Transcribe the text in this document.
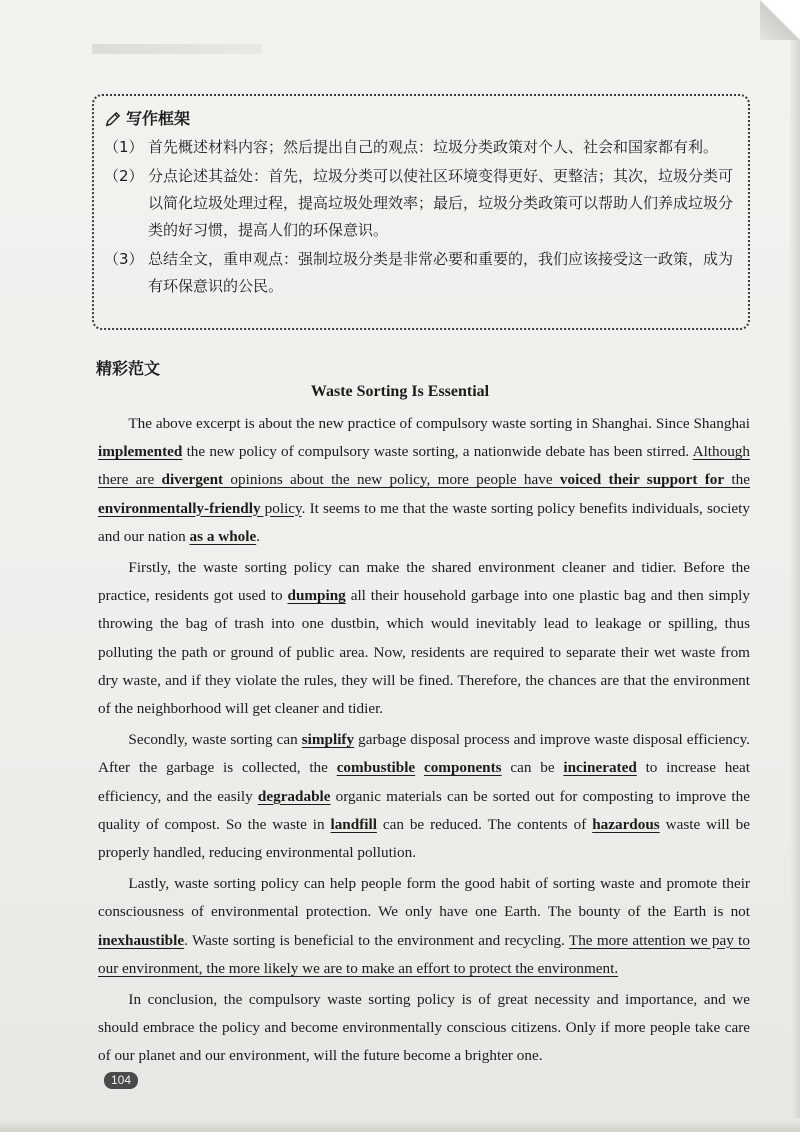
写作框架
（1） 首先概述材料内容；然后提出自己的观点：垃圾分类政策对个人、社会和国家都有利。
（2） 分点论述其益处：首先，垃圾分类可以使社区环境变得更好、更整洁；其次，垃圾分类可以简化垃圾处理过程，提高垃圾处理效率；最后，垃圾分类政策可以帮助人们养成垃圾分类的好习惯，提高人们的环保意识。
（3） 总结全文，重申观点：强制垃圾分类是非常必要和重要的，我们应该接受这一政策，成为有环保意识的公民。
精彩范文
Waste Sorting Is Essential

The above excerpt is about the new practice of compulsory waste sorting in Shanghai. Since Shanghai implemented the new policy of compulsory waste sorting, a nationwide debate has been stirred. Although there are divergent opinions about the new policy, more people have voiced their support for the environmentally-friendly policy. It seems to me that the waste sorting policy benefits individuals, society and our nation as a whole.

Firstly, the waste sorting policy can make the shared environment cleaner and tidier. Before the practice, residents got used to dumping all their household garbage into one plastic bag and then simply throwing the bag of trash into one dustbin, which would inevitably lead to leakage or spilling, thus polluting the path or ground of public area. Now, residents are required to separate their wet waste from dry waste, and if they violate the rules, they will be fined. Therefore, the chances are that the environment of the neighborhood will get cleaner and tidier.

Secondly, waste sorting can simplify garbage disposal process and improve waste disposal efficiency. After the garbage is collected, the combustible components can be incinerated to increase heat efficiency, and the easily degradable organic materials can be sorted out for composting to improve the quality of compost. So the waste in landfill can be reduced. The contents of hazardous waste will be properly handled, reducing environmental pollution.

Lastly, waste sorting policy can help people form the good habit of sorting waste and promote their consciousness of environmental protection. We only have one Earth. The bounty of the Earth is not inexhaustible. Waste sorting is beneficial to the environment and recycling. The more attention we pay to our environment, the more likely we are to make an effort to protect the environment.

In conclusion, the compulsory waste sorting policy is of great necessity and importance, and we should embrace the policy and become environmentally conscious citizens. Only if more people take care of our planet and our environment, will the future become a brighter one.

104
